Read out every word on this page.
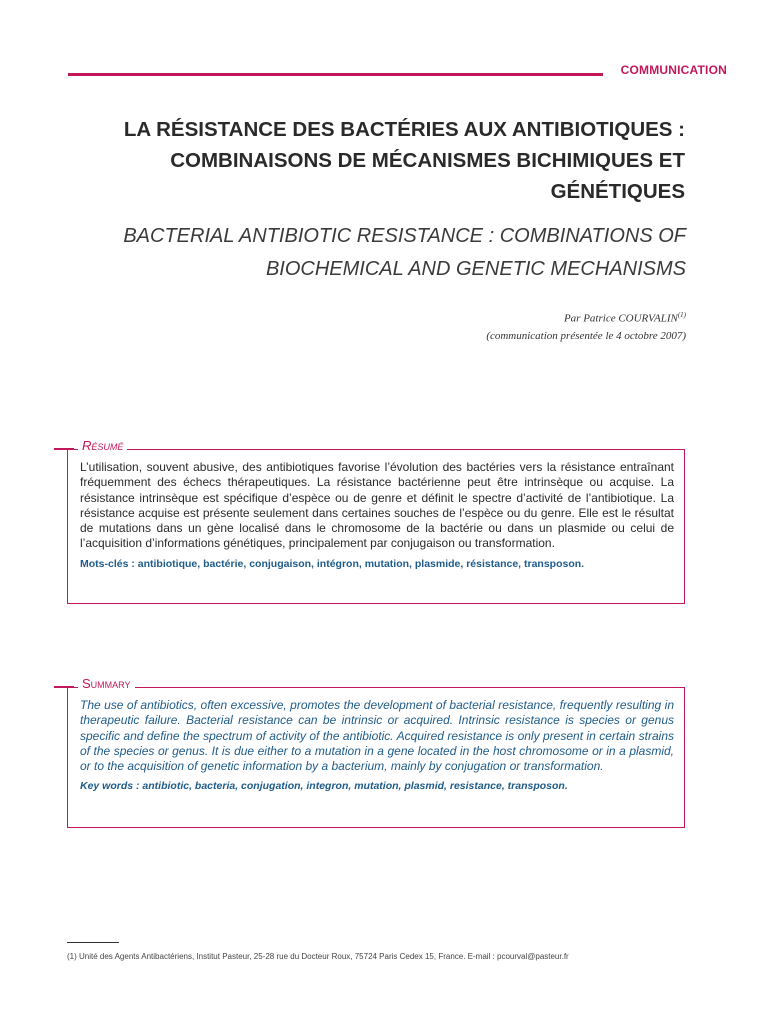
COMMUNICATION
LA RÉSISTANCE DES BACTÉRIES AUX ANTIBIOTIQUES :
COMBINAISONS DE MÉCANISMES BICHIMIQUES ET GÉNÉTIQUES
BACTERIAL ANTIBIOTIC RESISTANCE : COMBINATIONS OF
BIOCHEMICAL AND GENETIC MECHANISMS
Par Patrice COURVALIN$^{(1)}$
(communication présentée le 4 octobre 2007)
Résumé

L’utilisation, souvent abusive, des antibiotiques favorise l’évolution des bactéries vers la résistance entraînant fréquemment des échecs thérapeutiques. La résistance bactérienne peut être intrinsèque ou acquise. La résistance intrinsèque est spécifique d’espèce ou de genre et définit le spectre d’activité de l’antibiotique. La résistance acquise est présente seulement dans certaines souches de l’espèce ou du genre. Elle est le résultat de mutations dans un gène localisé dans le chromosome de la bactérie ou dans un plasmide ou celui de l’acquisition d’informations génétiques, principalement par conjugaison ou transformation.

Mots-clés : antibiotique, bactérie, conjugaison, intégron, mutation, plasmide, résistance, transposon.

Summary

The use of antibiotics, often excessive, promotes the development of bacterial resistance, frequently resulting in therapeutic failure. Bacterial resistance can be intrinsic or acquired. Intrinsic resistance is species or genus specific and define the spectrum of activity of the antibiotic. Acquired resistance is only present in certain strains of the species or genus. It is due either to a mutation in a gene located in the host chromosome or in a plasmid, or to the acquisition of genetic information by a bacterium, mainly by conjugation or transformation.

Key words : antibiotic, bacteria, conjugation, integron, mutation, plasmid, resistance, transposon.

(1) Unité des Agents Antibactériens, Institut Pasteur, 25-28 rue du Docteur Roux, 75724 Paris Cedex 15, France. E-mail : pcourval@pasteur.fr
